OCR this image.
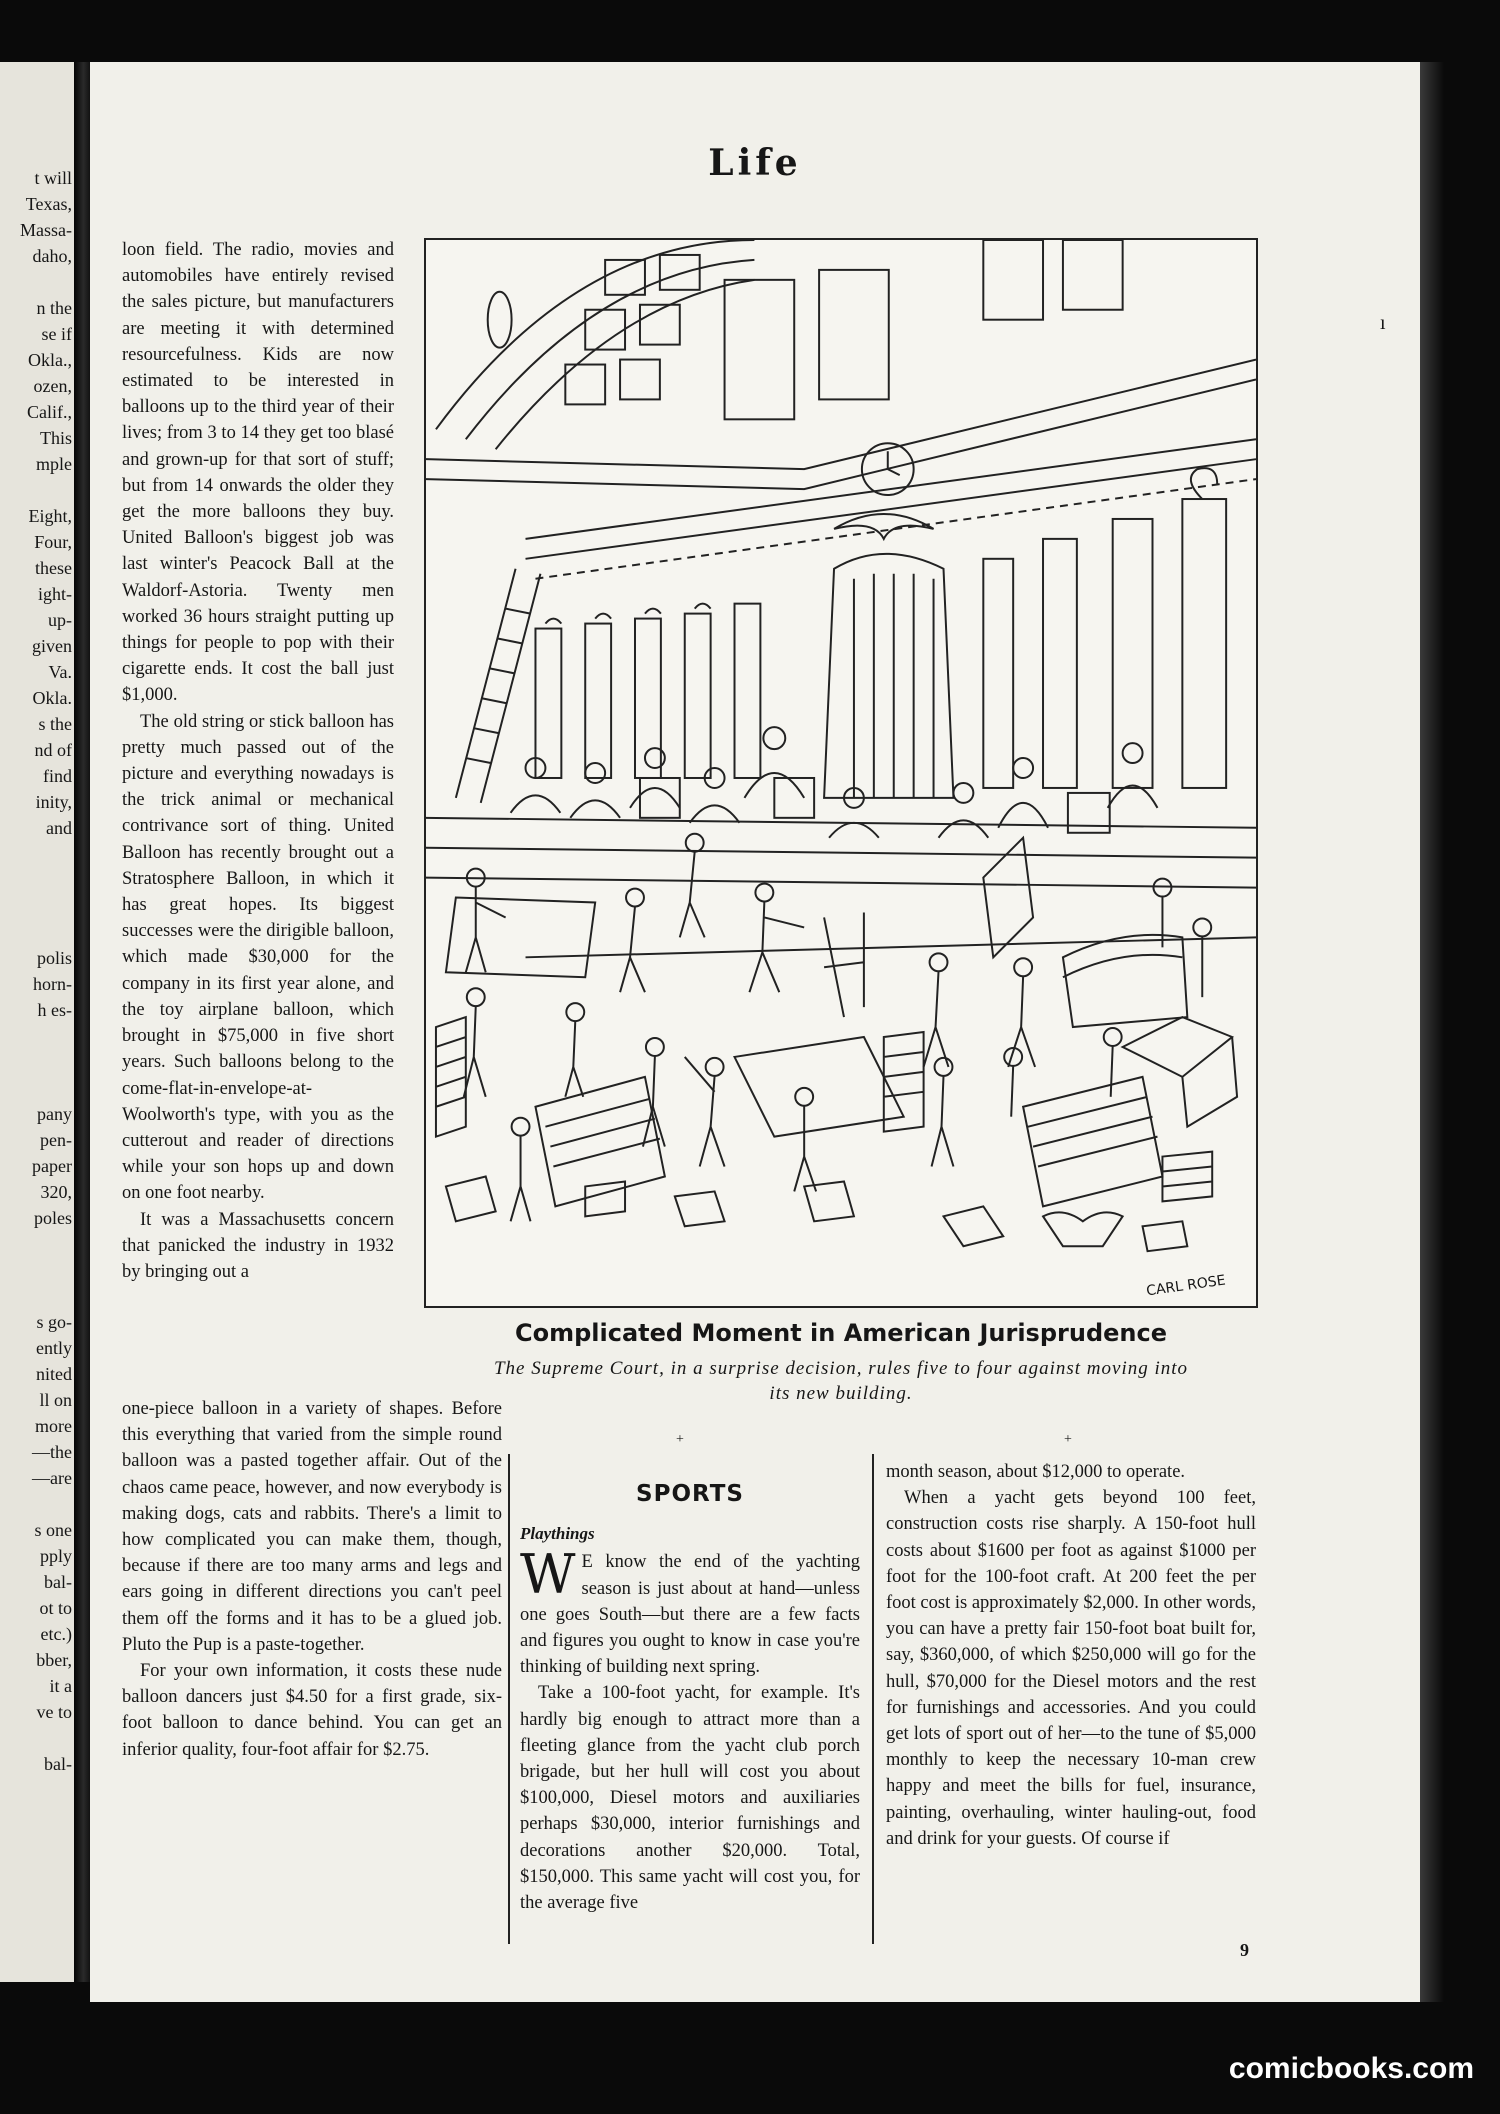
t will
Texas,
Massa-
daho,
n the
se if
Okla.,
ozen,
Calif.,
This
mple
Eight,
Four,
these
ight-
up-
given
Va.
Okla.
s the
nd of
find
inity,
and
polis
horn-
h es-
pany
pen-
paper
320,
poles
s go-
ently
nited
ll on
more
—the
—are
s one
pply
bal-
ot to
etc.)
bber,
it a
ve to
bal-
Life
ı

loon field. The radio, movies and automobiles have entirely revised the sales picture, but manufacturers are meeting it with determined resourcefulness. Kids are now estimated to be interested in balloons up to the third year of their lives; from 3 to 14 they get too blasé and grown-up for that sort of stuff; but from 14 onwards the older they get the more balloons they buy. United Balloon's biggest job was last winter's Peacock Ball at the Waldorf-Astoria. Twenty men worked 36 hours straight putting up things for people to pop with their cigarette ends. It cost the ball just $1,000.

The old string or stick balloon has pretty much passed out of the picture and everything nowadays is the trick animal or mechanical contrivance sort of thing. United Balloon has recently brought out a Stratosphere Balloon, in which it has great hopes. Its biggest successes were the dirigible balloon, which made $30,000 for the company in its first year alone, and the toy airplane balloon, which brought in $75,000 in five short years. Such balloons belong to the come-flat-in-envelope-at-Woolworth's type, with you as the cutterout and reader of directions while your son hops up and down on one foot nearby.

It was a Massachusetts concern that panicked the industry in 1932 by bringing out a

one-piece balloon in a variety of shapes. Before this everything that varied from the simple round balloon was a pasted together affair. Out of the chaos came peace, however, and now everybody is making dogs, cats and rabbits. There's a limit to how complicated you can make them, though, because if there are too many arms and legs and ears going in different directions you can't peel them off the forms and it has to be a glued job. Pluto the Pup is a paste-together.

For your own information, it costs these nude balloon dancers just $4.50 for a first grade, six-foot balloon to dance behind. You can get an inferior quality, four-foot affair for $2.75.

CARL ROSE
Complicated Moment in American Jurisprudence
The Supreme Court, in a surprise decision, rules five to four against moving into its new building.
+	+
SPORTS
Playthings

W E know the end of the yachting season is just about at hand—unless one goes South—but there are a few facts and figures you ought to know in case you're thinking of building next spring.

Take a 100-foot yacht, for example. It's hardly big enough to attract more than a fleeting glance from the yacht club porch brigade, but her hull will cost you about $100,000, Diesel motors and auxiliaries perhaps $30,000, interior furnishings and decorations another $20,000. Total, $150,000. This same yacht will cost you, for the average five

month season, about $12,000 to operate.

When a yacht gets beyond 100 feet, construction costs rise sharply. A 150-foot hull costs about $1600 per foot as against $1000 per foot for the 100-foot craft. At 200 feet the per foot cost is approximately $2,000. In other words, you can have a pretty fair 150-foot boat built for, say, $360,000, of which $250,000 will go for the hull, $70,000 for the Diesel motors and the rest for furnishings and accessories. And you could get lots of sport out of her—to the tune of $5,000 monthly to keep the necessary 10-man crew happy and meet the bills for fuel, insurance, painting, overhauling, winter hauling-out, food and drink for your guests. Of course if

9
comicbooks.com
